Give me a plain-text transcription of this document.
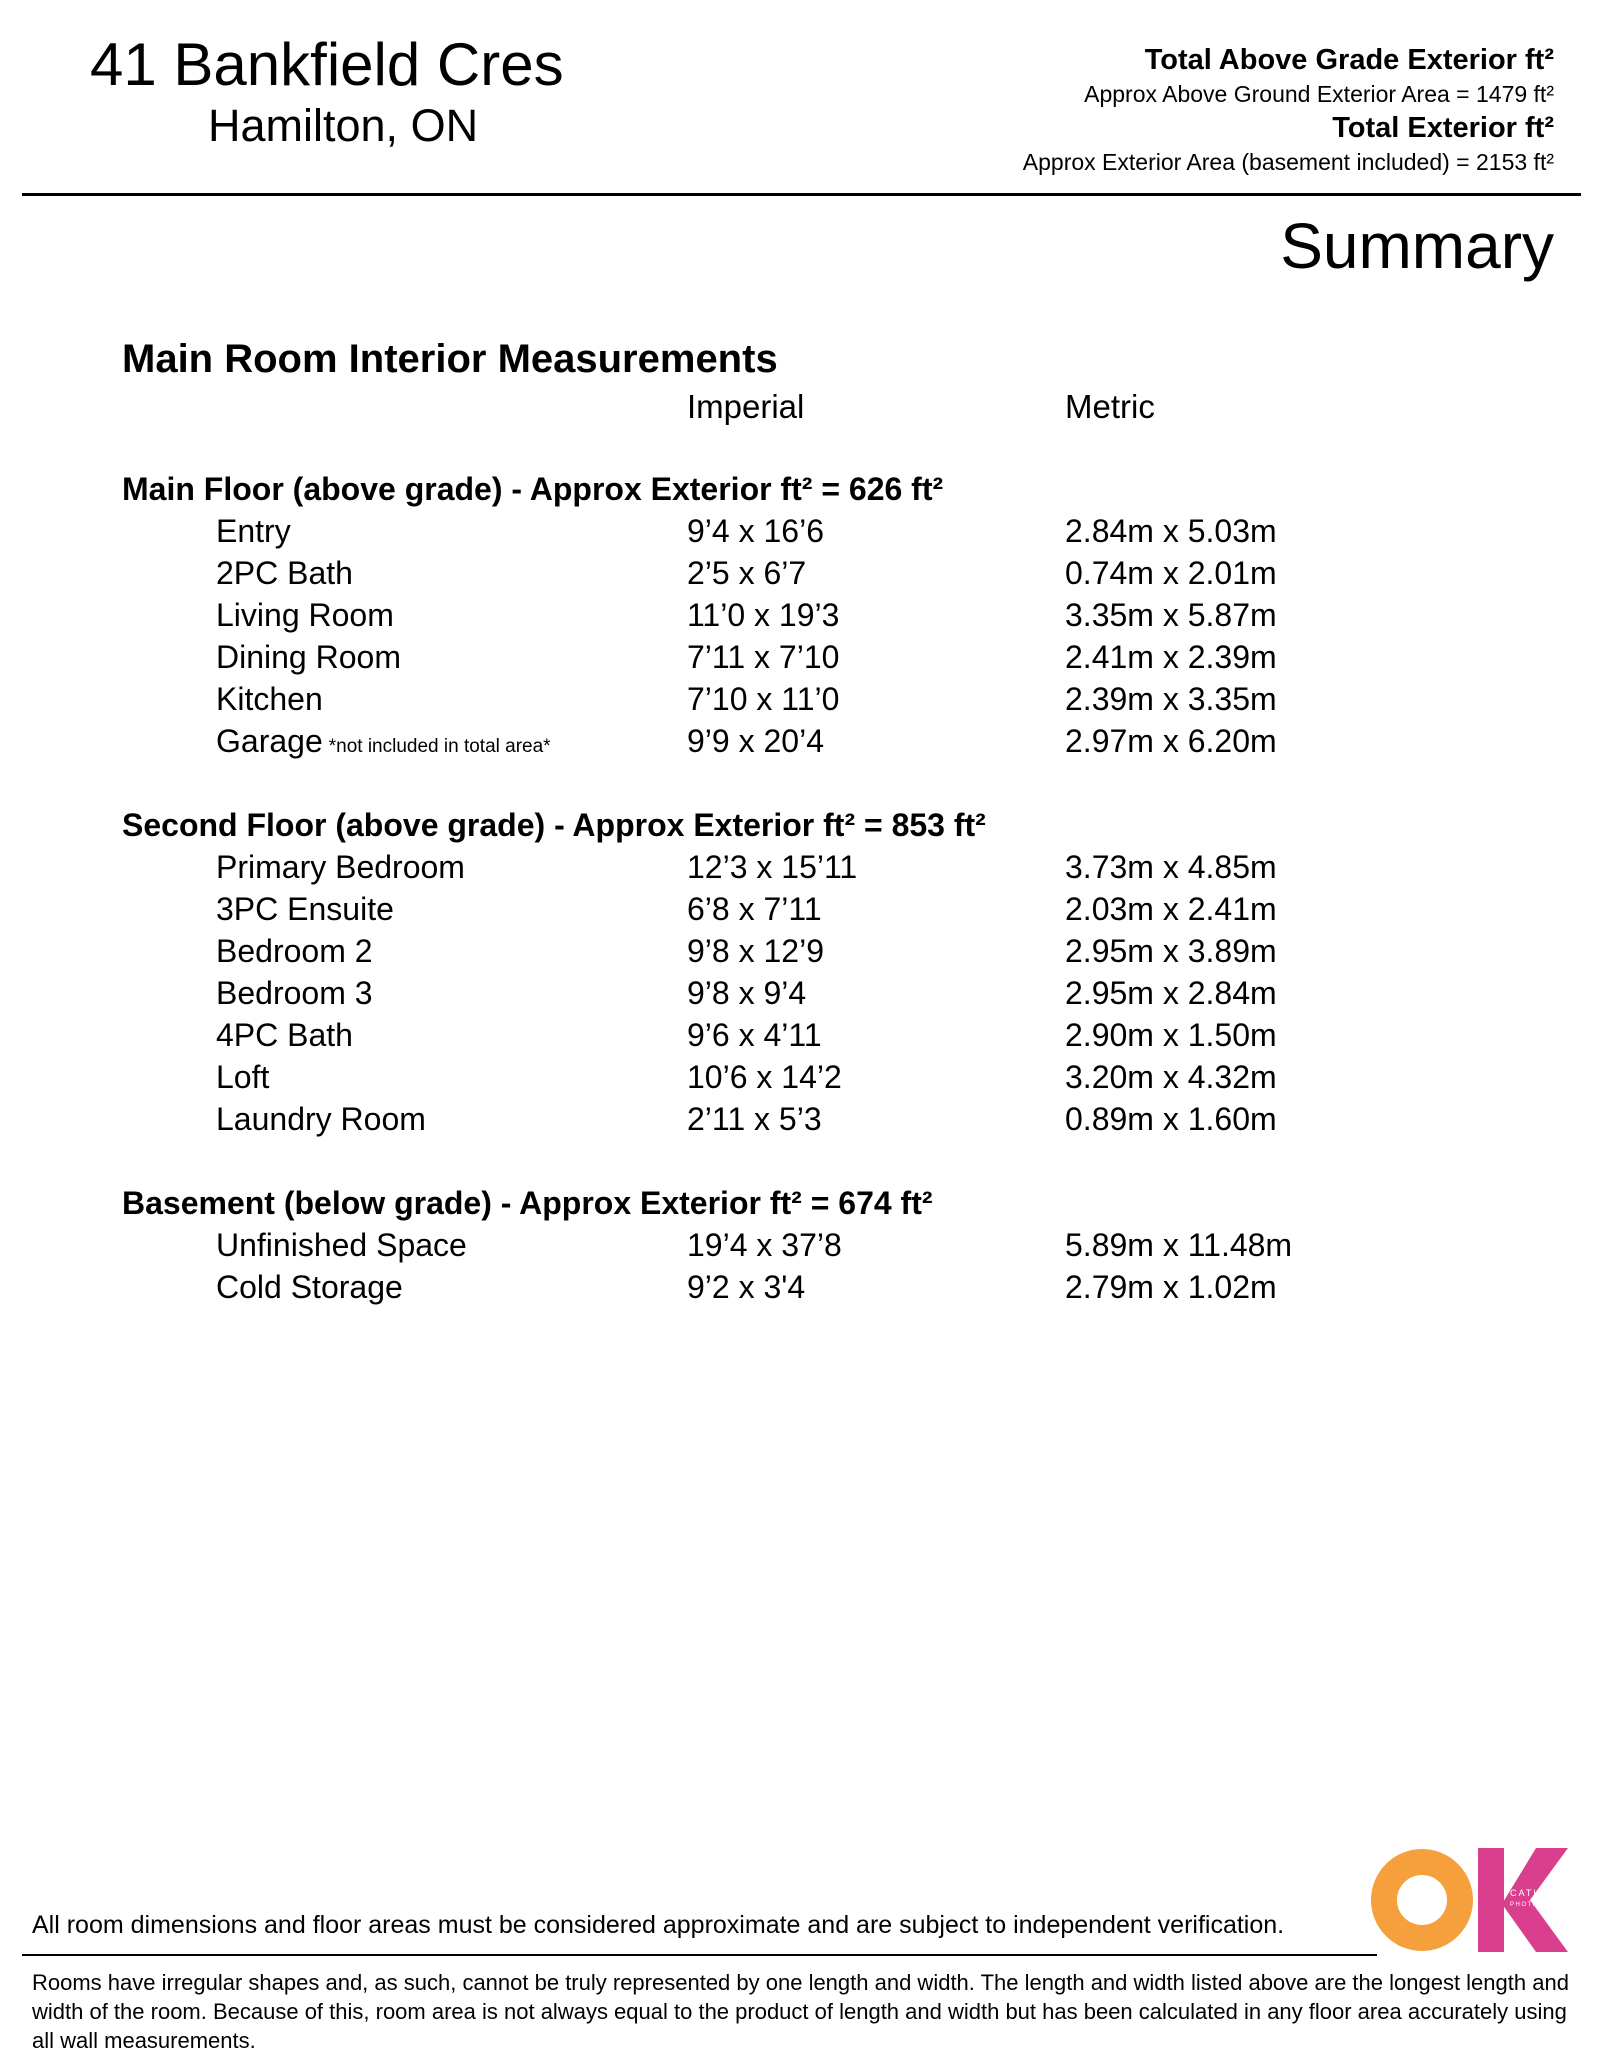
41 Bankfield Cres
Hamilton, ON
Total Above Grade Exterior ft²
Approx Above Ground Exterior Area = 1479 ft²
Total Exterior ft²
Approx Exterior Area (basement included) = 2153 ft²
Summary
Main Room Interior Measurements
Imperial	Metric
Main Floor (above grade) - Approx Exterior ft² = 626 ft²
Entry	9’4 x 16’6	2.84m x 5.03m
2PC Bath	2’5 x 6’7	0.74m x 2.01m
Living Room	11’0 x 19’3	3.35m x 5.87m
Dining Room	7’11 x 7’10	2.41m x 2.39m
Kitchen	7’10 x 11’0	2.39m x 3.35m
Garage *not included in total area*	9’9 x 20’4	2.97m x 6.20m
Second Floor (above grade) - Approx Exterior ft² = 853 ft²
Primary Bedroom	12’3 x 15’11	3.73m x 4.85m
3PC Ensuite	6’8 x 7’11	2.03m x 2.41m
Bedroom 2	9’8 x 12’9	2.95m x 3.89m
Bedroom 3	9’8 x 9’4	2.95m x 2.84m
4PC Bath	9’6 x 4’11	2.90m x 1.50m
Loft	10’6 x 14’2	3.20m x 4.32m
Laundry Room	2’11 x 5’3	0.89m x 1.60m
Basement (below grade) - Approx Exterior ft² = 674 ft²
Unfinished Space	19’4 x 37’8	5.89m x 11.48m
Cold Storage	9’2 x 3'4	2.79m x 1.02m
All room dimensions and floor areas must be considered approximate and are subject to independent verification.
Rooms have irregular shapes and, as such, cannot be truly represented by one length and width. The length and width listed above are the longest length and width of the room. Because of this, room area is not always equal to the product of length and width but has been calculated in any floor area accurately using all wall measurements.
CATHY KOOP
PHOTOGRAPHY
